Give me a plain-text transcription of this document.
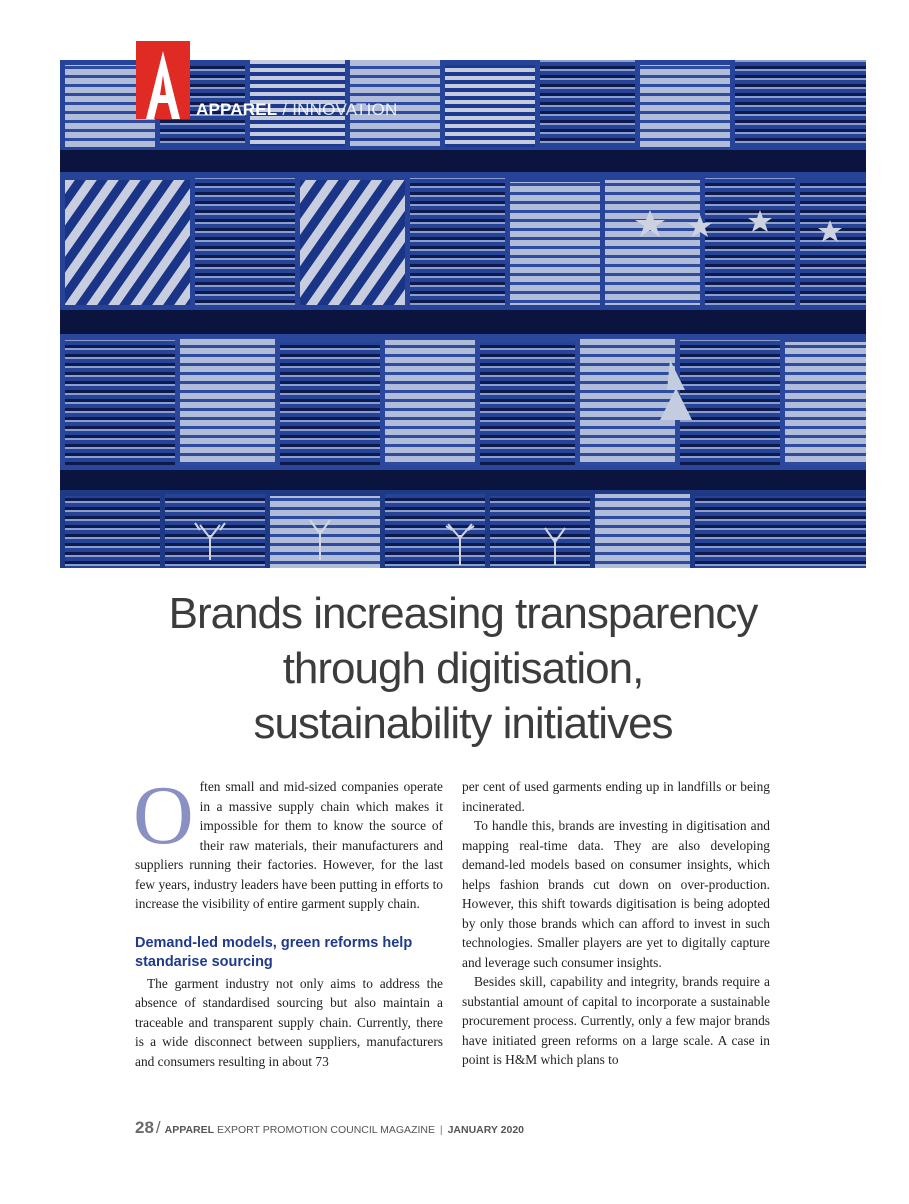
APPAREL / INNOVATION
Brands increasing transparency
through digitisation,
sustainability initiatives

Often small and mid-sized companies operate in a massive supply chain which makes it impossible for them to know the source of their raw materials, their manufacturers and suppliers running their factories. However, for the last few years, industry leaders have been putting in efforts to increase the visibility of entire garment supply chain.

Demand-led models, green reforms help standarise sourcing

The garment industry not only aims to address the absence of standardised sourcing but also maintain a traceable and transparent supply chain. Currently, there is a wide disconnect between suppliers, manufacturers and consumers resulting in about 73

per cent of used garments ending up in landfills or being incinerated.

To handle this, brands are investing in digitisation and mapping real-time data. They are also developing demand-led models based on consumer insights, which helps fashion brands cut down on over-production. However, this shift towards digitisation is being adopted by only those brands which can afford to invest in such technologies. Smaller players are yet to digitally capture and leverage such consumer insights.

Besides skill, capability and integrity, brands require a substantial amount of capital to incorporate a sustainable procurement process. Currently, only a few major brands have initiated green reforms on a large scale. A case in point is H&M which plans to

28 / APPAREL EXPORT PROMOTION COUNCIL MAGAZINE | JANUARY 2020
